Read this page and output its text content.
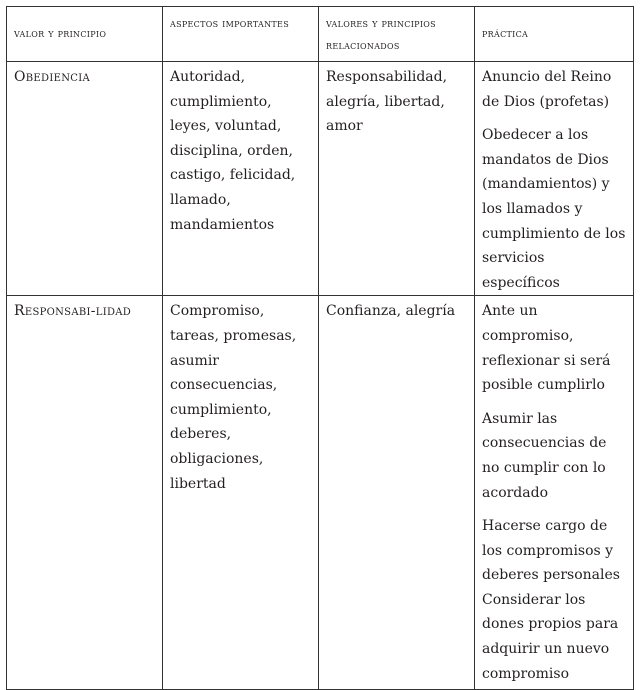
valor y principio	aspectos importantes	valores y principios relacionados	práctica

Obediencia	Autoridad, cumplimiento, leyes, voluntad, disciplina, orden, castigo, felicidad, llamado, mandamientos	Responsabilidad, alegría, libertad, amor	Anuncio del Reino de Dios (profetas)
Obedecer a los mandatos de Dios (mandamientos) y los llamados y cumplimiento de los servicios específicos

Responsabi-lidad	Compromiso, tareas, promesas, asumir consecuencias, cumplimiento, deberes, obligaciones, libertad	Confianza, alegría	Ante un compromiso, reflexionar si será posible cumplirlo
Asumir las consecuencias de no cumplir con lo acordado
Hacerse cargo de los compromisos y deberes personales Considerar los dones propios para adquirir un nuevo compromiso
